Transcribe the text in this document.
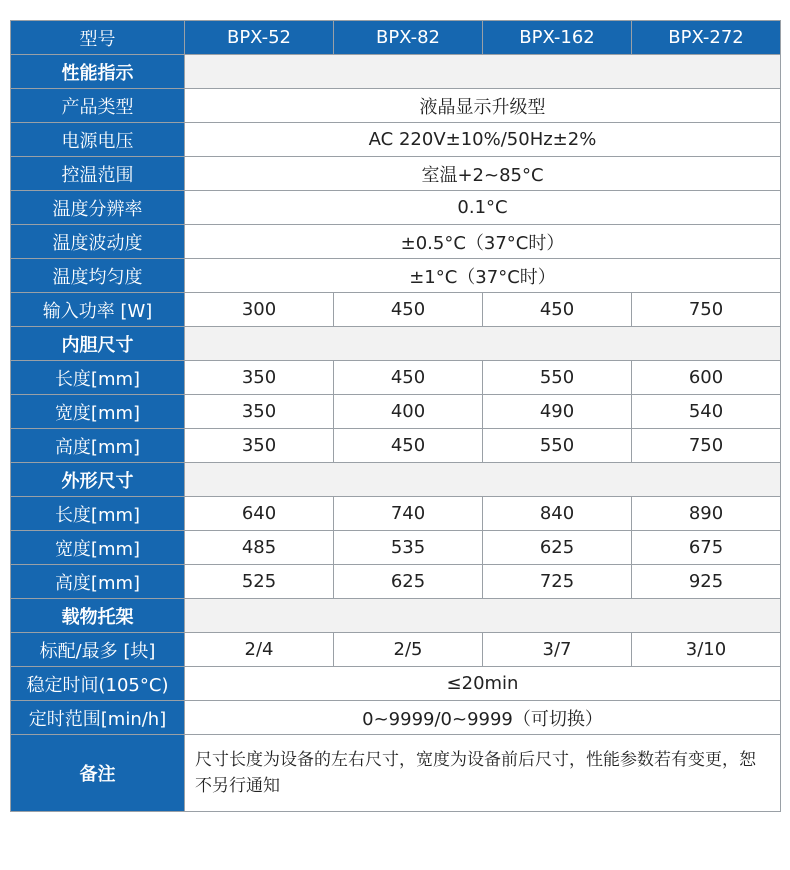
型号	BPX-52	BPX-82	BPX-162	BPX-272
性能指示				
产品类型	液晶显示升级型			
电源电压	AC 220V±10%/50Hz±2%			
控温范围	室温+2~85°C			
温度分辨率	0.1°C			
温度波动度	±0.5°C（37°C时）			
温度均匀度	±1°C（37°C时）			
输入功率 [W]	300	450	450	750
内胆尺寸				
长度[mm]	350	450	550	600
宽度[mm]	350	400	490	540
高度[mm]	350	450	550	750
外形尺寸				
长度[mm]	640	740	840	890
宽度[mm]	485	535	625	675
高度[mm]	525	625	725	925
载物托架				
标配/最多 [块]	2/4	2/5	3/7	3/10
稳定时间(105°C)	≤20min			
定时范围[min/h]	0~9999/0~9999（可切换）			
备注	尺寸长度为设备的左右尺寸，宽度为设备前后尺寸，性能参数若有变更，恕不另行通知			
